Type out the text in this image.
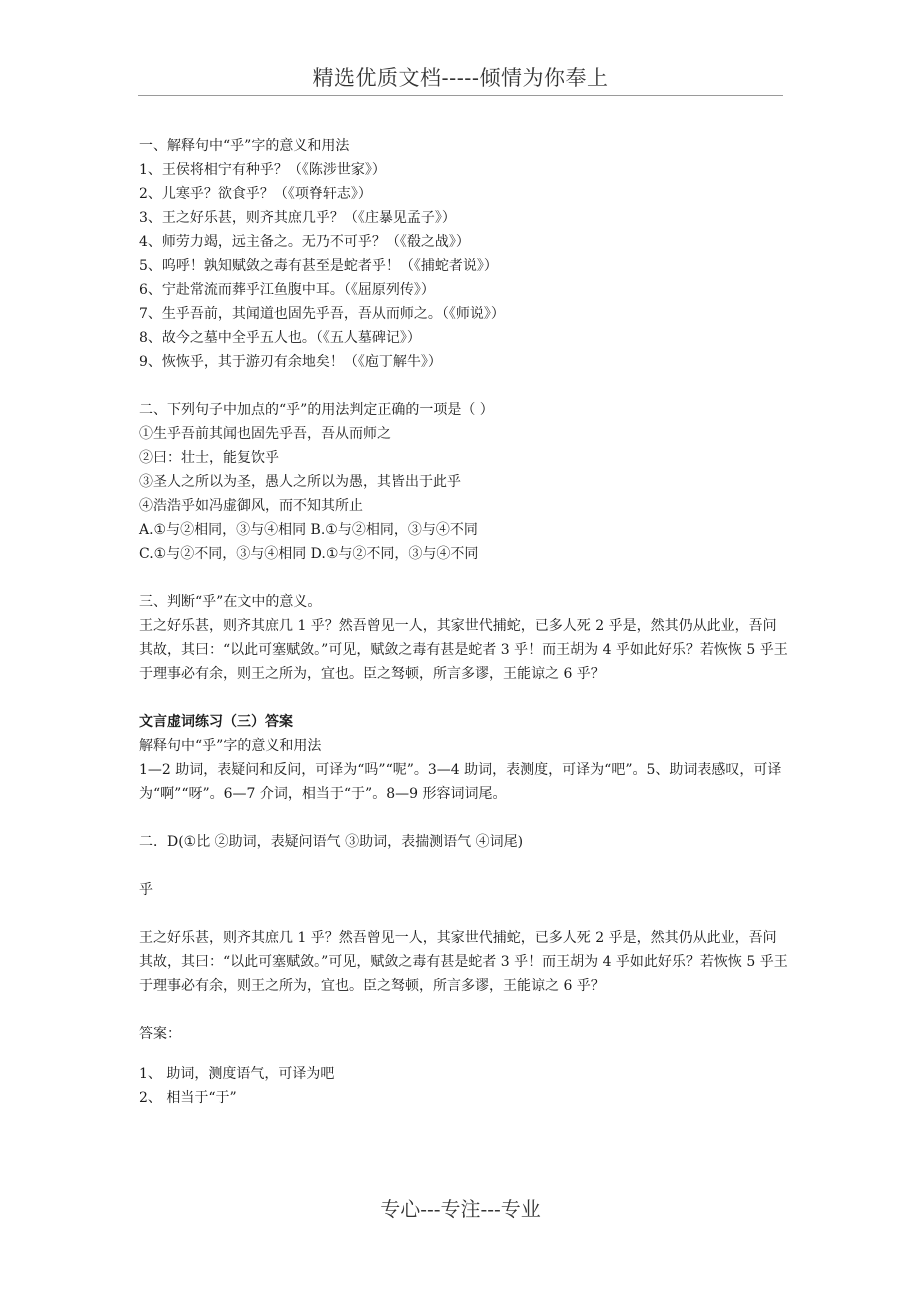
精选优质文档-----倾情为你奉上
一、解释句中“乎”字的意义和用法
1、王侯将相宁有种乎？（《陈涉世家》）
2、儿寒乎？欲食乎？（《项脊轩志》）
3、王之好乐甚，则齐其庶几乎？（《庄暴见孟子》）
4、师劳力竭，远主备之。无乃不可乎？（《殽之战》）
5、呜呼！孰知赋敛之毒有甚至是蛇者乎！（《捕蛇者说》）
6、宁赴常流而葬乎江鱼腹中耳。（《屈原列传》）
7、生乎吾前，其闻道也固先乎吾，吾从而师之。（《师说》）
8、故今之墓中全乎五人也。（《五人墓碑记》）
9、恢恢乎，其于游刃有余地矣！（《庖丁解牛》）
二、下列句子中加点的“乎”的用法判定正确的一项是（ ）
①生乎吾前其闻也固先乎吾，吾从而师之
②曰：壮士，能复饮乎
③圣人之所以为圣，愚人之所以为愚，其皆出于此乎
④浩浩乎如冯虚御风，而不知其所止
A.①与②相同，③与④相同 B.①与②相同，③与④不同
C.①与②不同，③与④相同 D.①与②不同，③与④不同
三、判断“乎”在文中的意义。
王之好乐甚，则齐其庶几 1 乎？然吾曾见一人，其家世代捕蛇，已多人死 2 乎是，然其仍从此业，吾问其故，其曰：“以此可塞赋敛。”可见，赋敛之毒有甚是蛇者 3 乎！而王胡为 4 乎如此好乐？若恢恢 5 乎王于理事必有余，则王之所为，宜也。臣之驽顿，所言多谬，王能谅之 6 乎？
文言虚词练习（三）答案
解释句中“乎”字的意义和用法
1—2 助词，表疑问和反问，可译为“吗”“呢”。3—4 助词，表测度，可译为“吧”。5、助词表感叹，可译为“啊”“呀”。6—7 介词，相当于“于”。8—9 形容词词尾。
二．D(①比 ②助词，表疑问语气 ③助词，表揣测语气 ④词尾)
乎
王之好乐甚，则齐其庶几 1 乎？然吾曾见一人，其家世代捕蛇，已多人死 2 乎是，然其仍从此业，吾问其故，其曰：“以此可塞赋敛。”可见，赋敛之毒有甚是蛇者 3 乎！而王胡为 4 乎如此好乐？若恢恢 5 乎王于理事必有余，则王之所为，宜也。臣之驽顿，所言多谬，王能谅之 6 乎？
答案：
1、 助词，测度语气，可译为吧
2、 相当于“于”
专心---专注---专业
